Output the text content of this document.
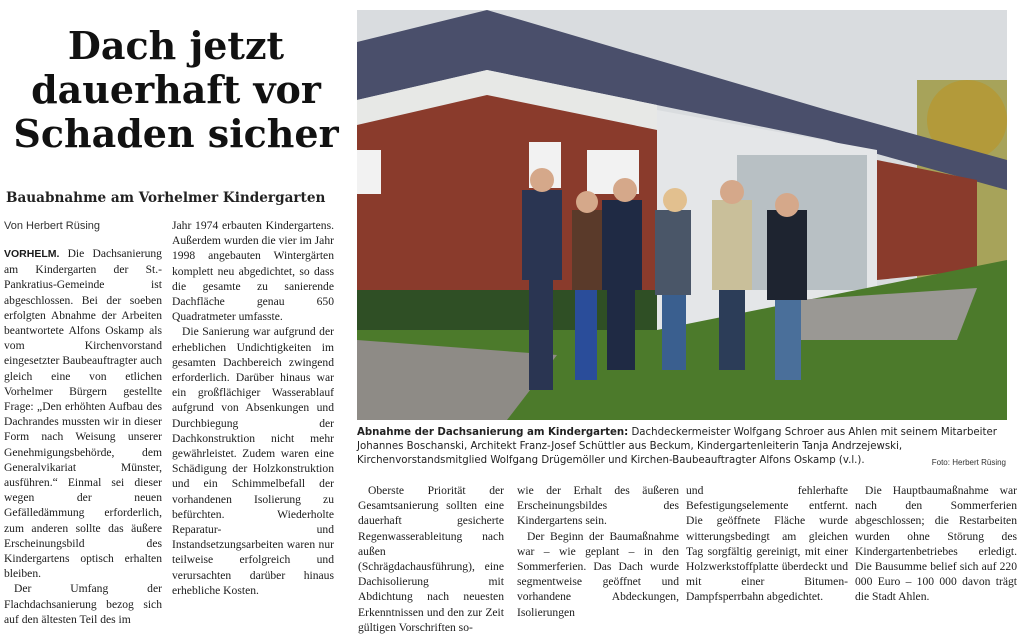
Dach jetzt
dauerhaft vor
Schaden sicher
Bauabnahme am Vorhelmer Kindergarten
Von Herbert Rüsing

VORHELM. Die Dachsanierung am Kindergarten der St.-Pankratius-Gemeinde ist abgeschlossen. Bei der soeben erfolgten Abnahme der Arbeiten beantwortete Alfons Oskamp als vom Kirchenvorstand eingesetzter Baubeauftragter auch gleich eine von etlichen Vorhelmer Bürgern gestellte Frage: „Den erhöhten Aufbau des Dachrandes mussten wir in dieser Form nach Weisung unserer Genehmigungsbehörde, dem Generalvikariat Münster, ausführen.“ Einmal sei dieser wegen der neuen Gefälledämmung erforderlich, zum anderen sollte das äußere Erscheinungsbild des Kindergartens optisch erhalten bleiben.

Der Umfang der Flachdachsanierung bezog sich auf den ältesten Teil des im

Jahr 1974 erbauten Kindergartens. Außerdem wurden die vier im Jahr 1998 angebauten Wintergärten komplett neu abgedichtet, so dass die gesamte zu sanierende Dachfläche genau 650 Quadratmeter umfasste.

Die Sanierung war aufgrund der erheblichen Undichtigkeiten im gesamten Dachbereich zwingend erforderlich. Darüber hinaus war ein großflächiger Wasserablauf aufgrund von Absenkungen und Durchbiegung der Dachkonstruktion nicht mehr gewährleistet. Zudem waren eine Schädigung der Holzkonstruktion und ein Schimmelbefall der vorhandenen Isolierung zu befürchten. Wiederholte Reparatur- und Instandsetzungsarbeiten waren nur teilweise erfolgreich und verursachten darüber hinaus erhebliche Kosten.

Abnahme der Dachsanierung am Kindergarten: Dachdeckermeister Wolfgang Schroer aus Ahlen mit seinem Mitarbeiter Johannes Boschanski, Architekt Franz-Josef Schüttler aus Beckum, Kindergartenleiterin Tanja Andrzejewski, Kirchenvorstandsmitglied Wolfgang Drügemöller und Kirchen-Baubeauftragter Alfons Oskamp (v.l.).	Foto: Herbert Rüsing

Oberste Priorität der Gesamtsanierung sollten eine dauerhaft gesicherte Regenwasserableitung nach außen (Schrägdachausführung), eine Dachisolierung mit Abdichtung nach neuesten Erkenntnissen und den zur Zeit gültigen Vorschriften so-

wie der Erhalt des äußeren Erscheinungsbildes des Kindergartens sein.

Der Beginn der Baumaßnahme war – wie geplant – in den Sommerferien. Das Dach wurde segmentweise geöffnet und vorhandene Abdeckungen, Isolierungen

und fehlerhafte Befestigungselemente entfernt. Die geöffnete Fläche wurde witterungsbedingt am gleichen Tag sorgfältig gereinigt, mit einer Holzwerkstoffplatte überdeckt und mit einer Bitumen-Dampfsperrbahn abgedichtet.

Die Hauptbaumaßnahme war nach den Sommerferien abgeschlossen; die Restarbeiten wurden ohne Störung des Kindergartenbetriebes erledigt. Die Bausumme belief sich auf 220 000 Euro – 100 000 davon trägt die Stadt Ahlen.
